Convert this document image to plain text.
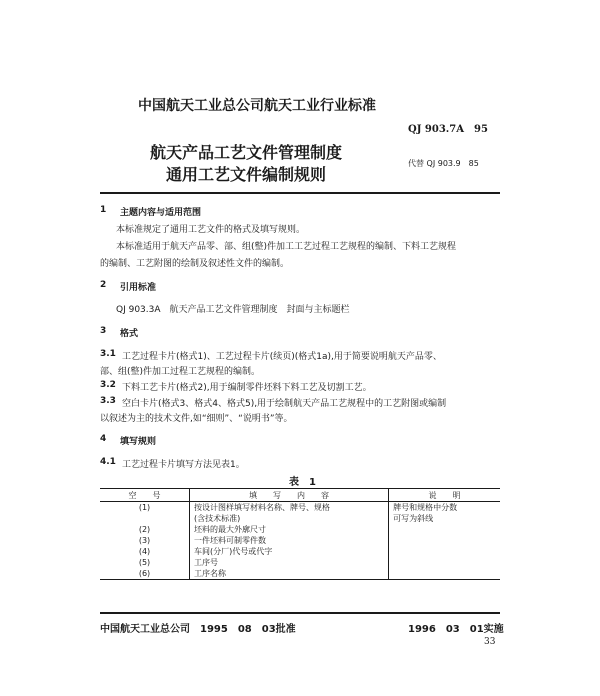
中国航天工业总公司航天工业行业标准
QJ 903.7A　95
航天产品工艺文件管理制度
通用工艺文件编制规则
代替 QJ 903.9　85
1 主题内容与适用范围
本标准规定了通用工艺文件的格式及填写规则。
本标准适用于航天产品零、部、组(整)件加工工艺过程工艺规程的编制、下料工艺规程
的编制、工艺附图的绘制及叙述性文件的编制。
2 引用标准
QJ 903.3A　航天产品工艺文件管理制度　封面与主标题栏
3 格式
3.1 工艺过程卡片(格式1)、工艺过程卡片(续页)(格式1a),用于简要说明航天产品零、
部、组(整)件加工过程工艺规程的编制。
3.2 下料工艺卡片(格式2),用于编制零件坯料下料工艺及切割工艺。
3.3 空白卡片(格式3、格式4、格式5),用于绘制航天产品工艺规程中的工艺附图或编制
以叙述为主的技术文件,如“细则”、“说明书”等。
4 填写规则
4.1 工艺过程卡片填写方法见表1。
表　1
空　　号	填　　写　　内　　容	说　　明
(1)	按设计图样填写材料名称、牌号、规格	牌号和规格中分数
	(含技术标准)	可写为斜线
(2)	坯料的最大外廓尺寸	
(3)	一件坯料可制零件数	
(4)	车间(分厂)代号或代字	
(5)	工序号	
(6)	工序名称	
中国航天工业总公司　1995　08　03批准	1996　03　01实施
33
